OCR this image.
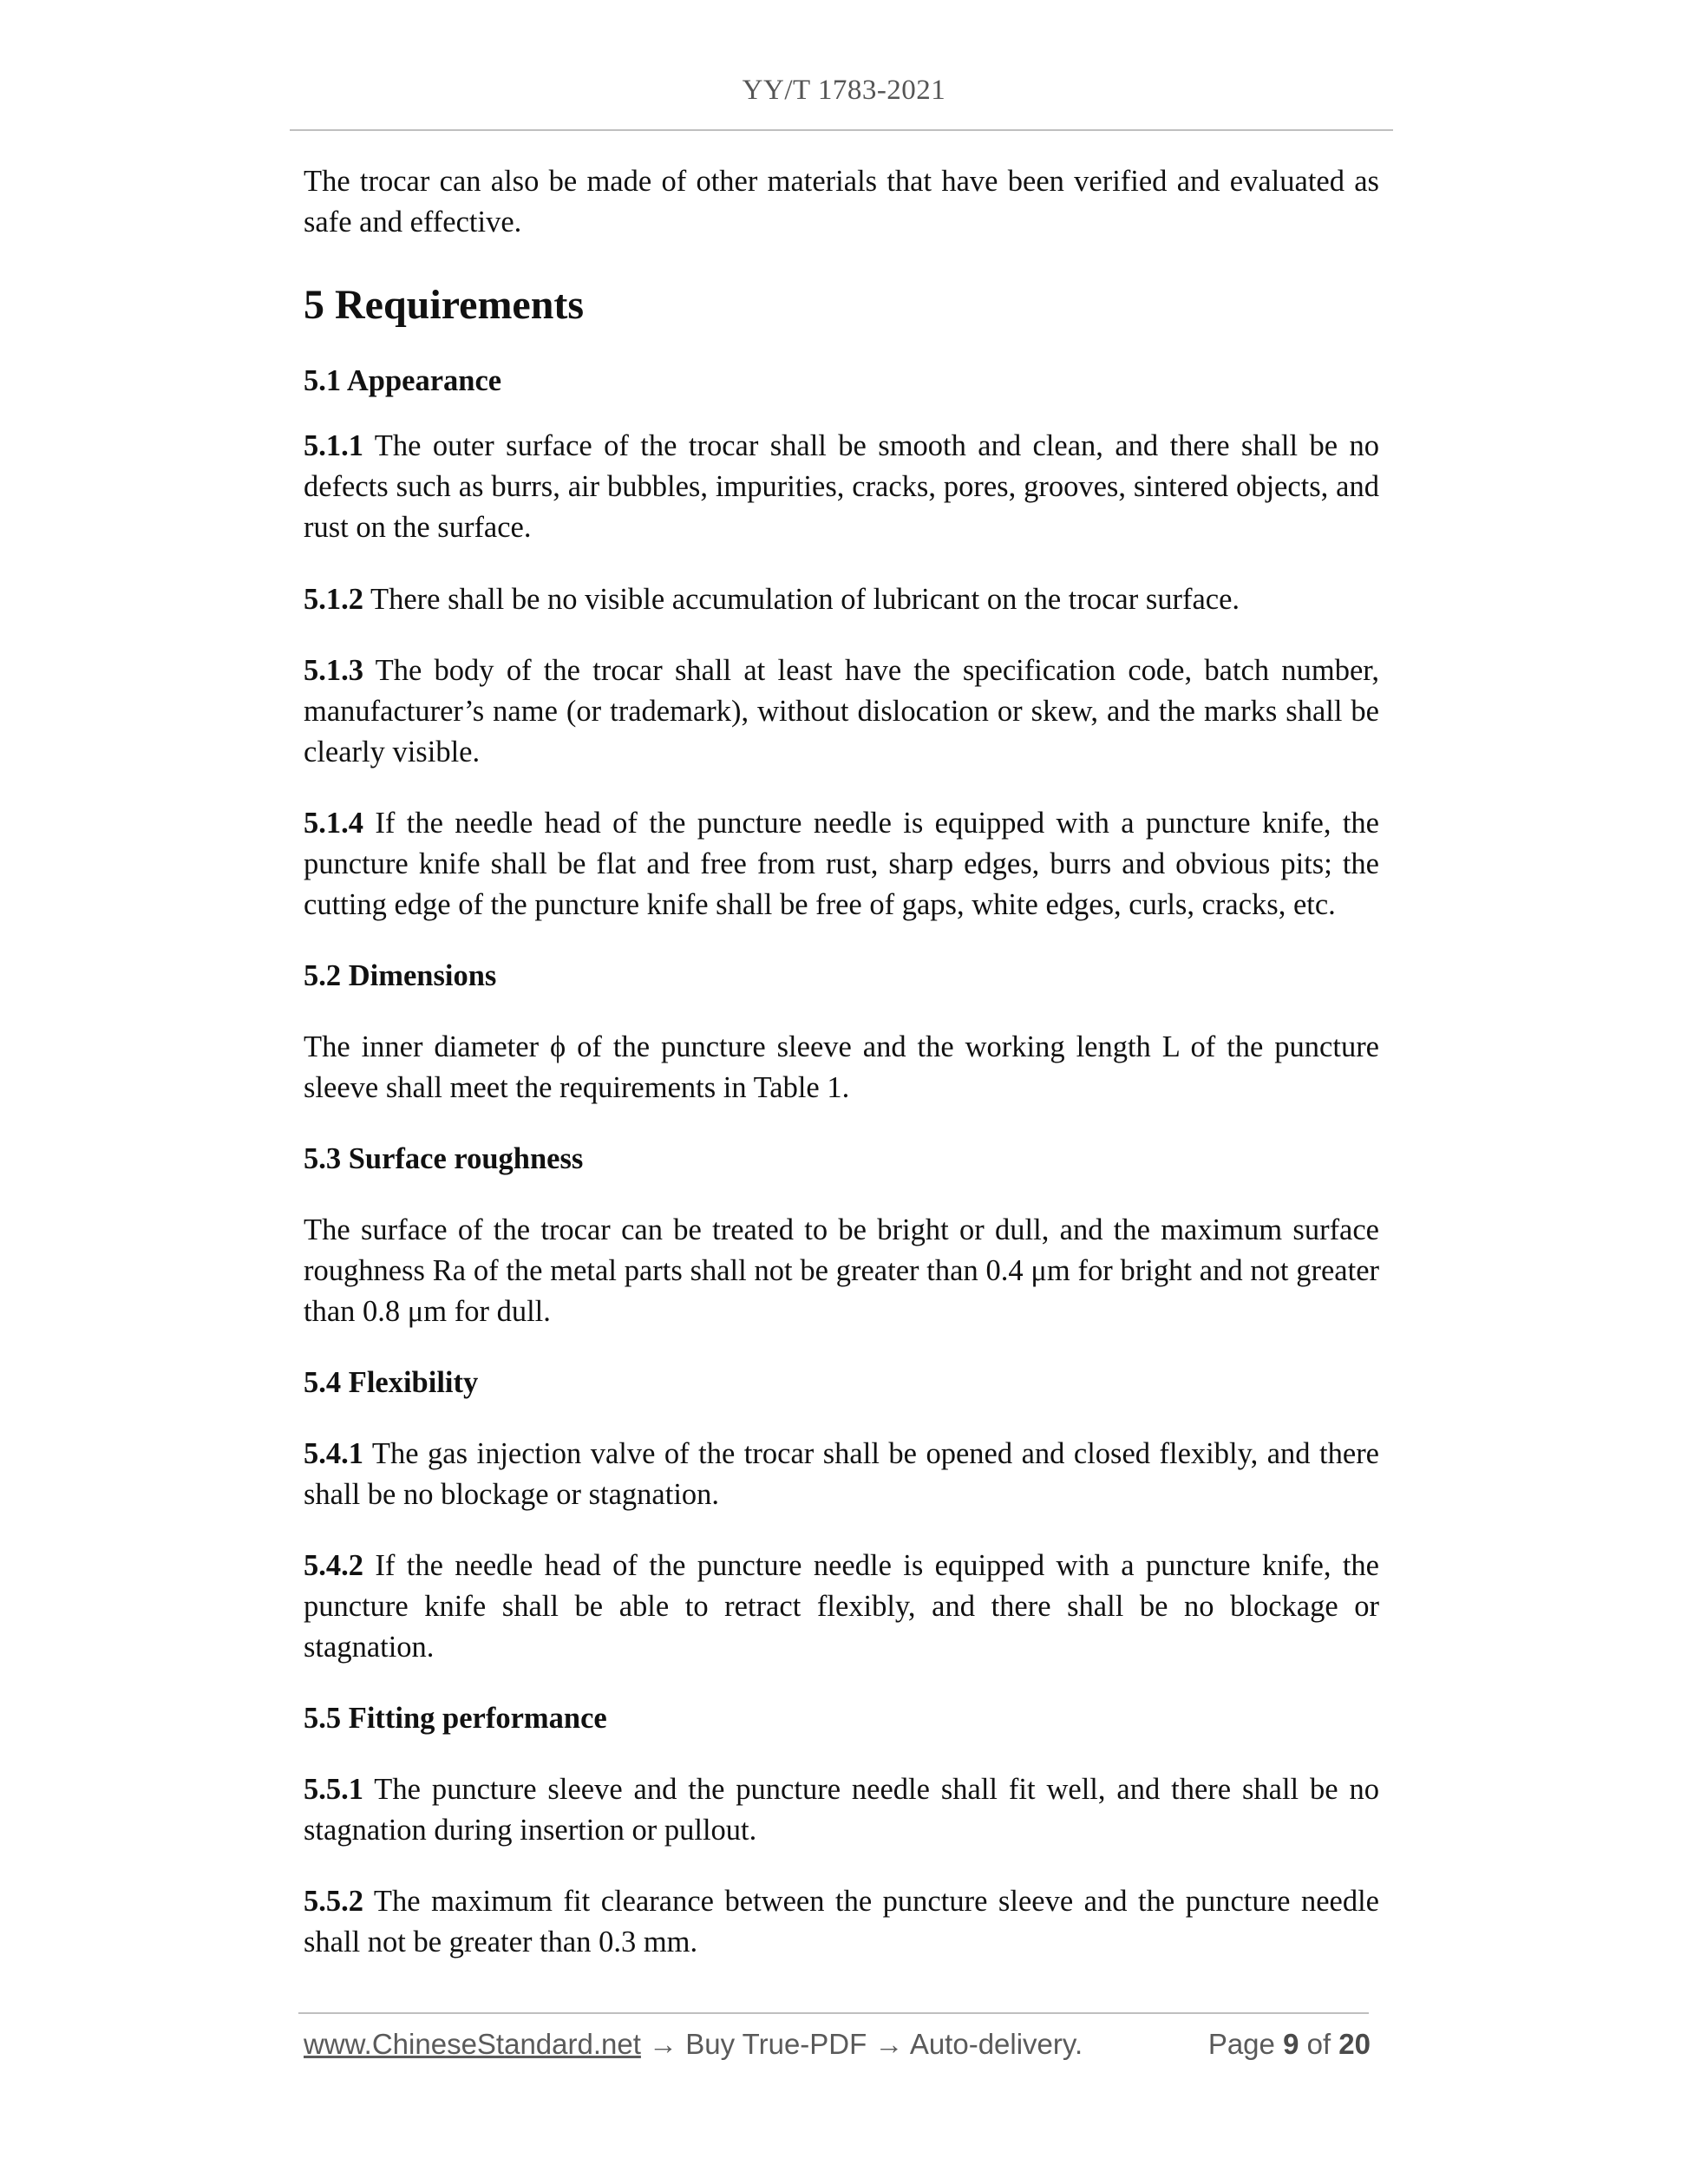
YY/T 1783-2021

The trocar can also be made of other materials that have been verified and evaluated as safe and effective.

5 Requirements
5.1 Appearance

5.1.1 The outer surface of the trocar shall be smooth and clean, and there shall be no defects such as burrs, air bubbles, impurities, cracks, pores, grooves, sintered objects, and rust on the surface.

5.1.2 There shall be no visible accumulation of lubricant on the trocar surface.

5.1.3 The body of the trocar shall at least have the specification code, batch number, manufacturer’s name (or trademark), without dislocation or skew, and the marks shall be clearly visible.

5.1.4 If the needle head of the puncture needle is equipped with a puncture knife, the puncture knife shall be flat and free from rust, sharp edges, burrs and obvious pits; the cutting edge of the puncture knife shall be free of gaps, white edges, curls, cracks, etc.

5.2 Dimensions

The inner diameter ϕ of the puncture sleeve and the working length L of the puncture sleeve shall meet the requirements in Table 1.

5.3 Surface roughness

The surface of the trocar can be treated to be bright or dull, and the maximum surface roughness Ra of the metal parts shall not be greater than 0.4 μm for bright and not greater than 0.8 μm for dull.

5.4 Flexibility

5.4.1 The gas injection valve of the trocar shall be opened and closed flexibly, and there shall be no blockage or stagnation.

5.4.2 If the needle head of the puncture needle is equipped with a puncture knife, the puncture knife shall be able to retract flexibly, and there shall be no blockage or stagnation.

5.5 Fitting performance

5.5.1 The puncture sleeve and the puncture needle shall fit well, and there shall be no stagnation during insertion or pullout.

5.5.2 The maximum fit clearance between the puncture sleeve and the puncture needle shall not be greater than 0.3 mm.

www.ChineseStandard.net → Buy True-PDF → Auto-delivery.	Page 9 of 20
